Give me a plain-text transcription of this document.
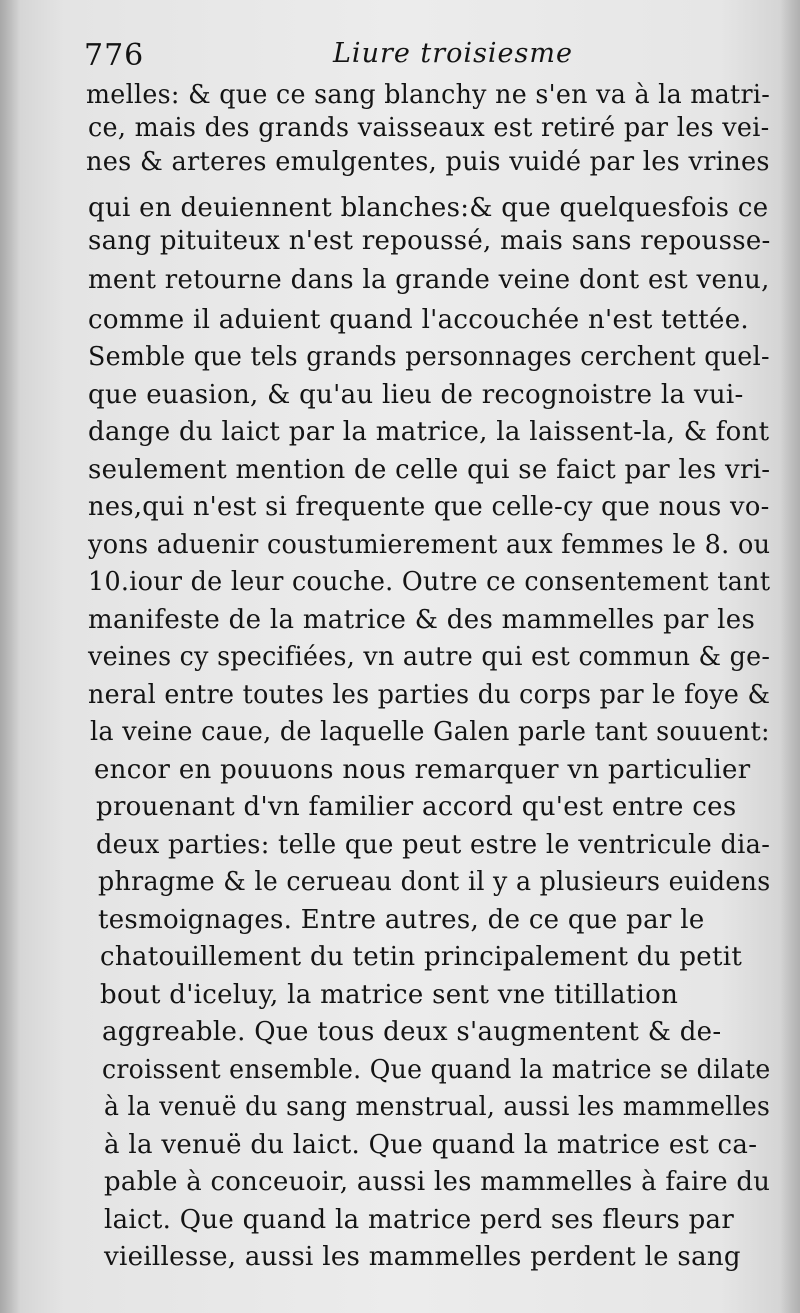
776	Liure troisiesme
melles: & que ce sang blanchy ne s'en va à la matri-
ce, mais des grands vaisseaux est retiré par les vei-
nes & arteres emulgentes, puis vuidé par les vrines
qui en deuiennent blanches:& que quelquesfois ce
sang pituiteux n'est repoussé, mais sans repousse-
ment retourne dans la grande veine dont est venu,
comme il aduient quand l'accouchée n'est tettée.
Semble que tels grands personnages cerchent quel-
que euasion, & qu'au lieu de recognoistre la vui-
dange du laict par la matrice, la laissent-la, & font
seulement mention de celle qui se faict par les vri-
nes,qui n'est si frequente que celle-cy que nous vo-
yons aduenir coustumierement aux femmes le 8. ou
10.iour de leur couche. Outre ce consentement tant
manifeste de la matrice & des mammelles par les
veines cy specifiées, vn autre qui est commun & ge-
neral entre toutes les parties du corps par le foye &
la veine caue, de laquelle Galen parle tant souuent:
encor en pouuons nous remarquer vn particulier
prouenant d'vn familier accord qu'est entre ces
deux parties: telle que peut estre le ventricule dia-
phragme & le cerueau dont il y a plusieurs euidens
tesmoignages. Entre autres, de ce que par le
chatouillement du tetin principalement du petit
bout d'iceluy, la matrice sent vne titillation
aggreable. Que tous deux s'augmentent & de-
croissent ensemble. Que quand la matrice se dilate
à la venuë du sang menstrual, aussi les mammelles
à la venuë du laict. Que quand la matrice est ca-
pable à conceuoir, aussi les mammelles à faire du
laict. Que quand la matrice perd ses fleurs par
vieillesse, aussi les mammelles perdent le sang
